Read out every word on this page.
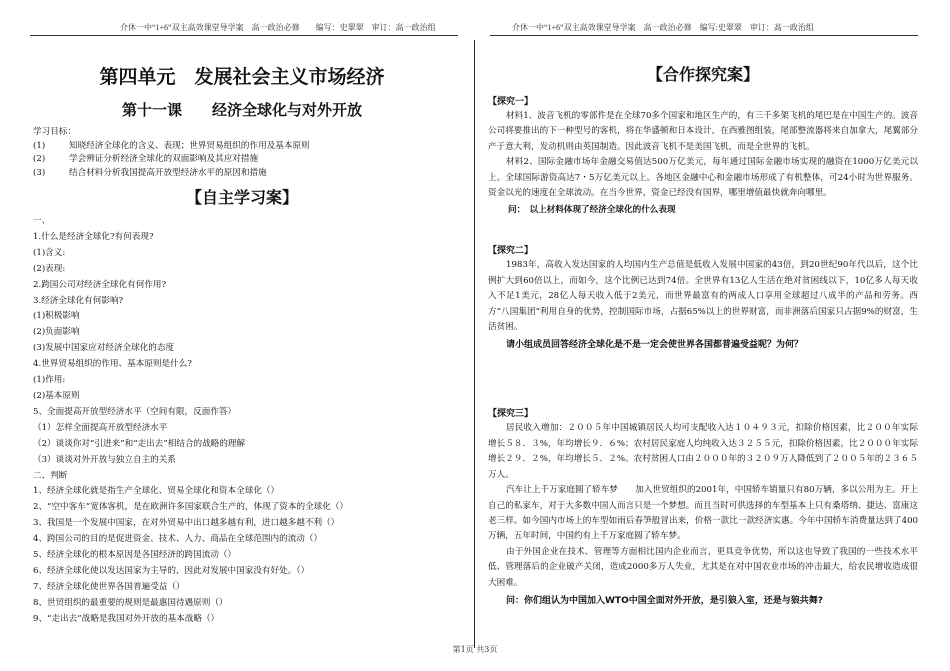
介休一中“1+6”双主高效课堂导学案　高一政治必修　　编写：史翠翠　审订：高一政治组	介休一中“1+6”双主高效课堂导学案　高一政治必修　编写:史翠翠　审订：高一政治组
第四单元　发展社会主义市场经济
第十一课　　经济全球化与对外开放
学习目标：
(1)	知晓经济全球化的含义、表现；世界贸易组织的作用及基本原则
(2)	学会辨证分析经济全球化的双面影响及其应对措施
(3)	结合材料分析我国提高开放型经济水平的原因和措施
【自主学习案】
一、
1.什么是经济全球化?有何表现?
(1)含义:
(2)表现:
2.跨国公司对经济全球化有何作用?
3.经济全球化有何影响?
(1)积极影响
(2)负面影响
(3)发展中国家应对经济全球化的态度
4.世界贸易组织的作用、基本原则是什么?
(1)作用:
(2)基本原则
5、全面提高开放型经济水平（空间有限，反面作答）
（1）怎样全面提高开放型经济水平
（2）谈谈你对“引进来”和“走出去”相结合的战略的理解
（3）谈谈对外开放与独立自主的关系
二、判断
1、经济全球化就是指生产全球化、贸易全球化和资本全球化（）
2、“空中客车”宽体客机，是在欧洲许多国家联合生产的，体现了资本的全球化（）
3、我国是一个发展中国家，在对外贸易中出口越多越有利，进口越多越不利（）
4、跨国公司的目的是促进资金、技术、人力、商品在全球范围内的流动（）
5、经济全球化的根本原因是各国经济的跨国流动（）
6、经济全球化使以发达国家为主导的，因此对发展中国家没有好处。（）
7、经济全球化使世界各国普遍受益（）
8、世贸组织的最重要的规则是最惠国待遇原则（）
9、“走出去”战略是我国对外开放的基本战略（）
【合作探究案】
【探究一】

材料1、波音飞机的零部件是在全球70多个国家和地区生产的，有三千多架飞机的尾巴是在中国生产的。波音公司将要推出的下一种型号的客机，将在华盛顿和日本设计，在西雅图组装，尾部整流器将来自加拿大，尾翼部分产于意大利，发动机则由英国制造。因此波音飞机不是美国飞机，而是全世界的飞机。

材料2、国际金融市场年金融交易值达500万亿美元，每年通过国际金融市场实现的融资在1000万亿美元以上。全球国际游资高达7・5万亿美元以上。各地区金融中心和金融市场形成了有机整体，可24小时为世界服务。资金以光的速度在全球流动。在当今世界，资金已经没有国界，哪里增值最快就奔向哪里。

问：　以上材料体现了经济全球化的什么表现

【探究二】

1983年，高收入发达国家的人均国内生产总值是低收入发展中国家的43倍，到20世纪90年代以后，这个比例扩大到60倍以上，而如今，这个比例已达到74倍。全世界有13亿人生活在绝对贫困线以下，10亿多人每天收入不足1美元，28亿人每天收入低于2美元，而世界最富有的两成人口享用全球超过八成半的产品和劳务。西方“八国集团”利用自身的优势，控制国际市场，占据65%以上的世界财富，而非洲落后国家只占据9%的财富，生活贫困。

请小组成员回答经济全球化是不是一定会使世界各国都普遍受益呢？为何？

【探究三】

居民收入增加：２００５年中国城镇居民人均可支配收入达１０４９３元，扣除价格因素，比２００年实际增长５８．３%，年均增长９．６%；农村居民家庭人均纯收入达３２５５元，扣除价格因素，比２０００年实际增长２９．２%，年均增长５．２%。农村贫困人口由２０００年的３２０９万人降低到了２００５年的２３６５万人。

汽车让上千万家庭圆了轿车梦　　加入世贸组织的2001年，中国轿车销量只有80万辆，多以公用为主。开上自己的私家车，对于大多数中国人而言只是一个梦想。而且当时可供选择的车型基本上只有桑塔纳、捷达、富康这老三样。如今国内市场上的车型如雨后春笋般冒出来，价格一款比一款经济实惠。今年中国轿车消费量达到了400万辆，五年时间，中国约有上千万家庭圆了轿车梦。

由于外国企业在技术、管理等方面相比国内企业而言，更具竞争优势，所以这也导致了我国的一些技术水平低、管理落后的企业破产关闭，造成2000多万人失业，尤其是在对中国农业市场的冲击最大，给农民增收造成很大困难。

问：你们组认为中国加入WTO中国全面对外开放，是引狼入室，还是与狼共舞?

第1页 共3页
